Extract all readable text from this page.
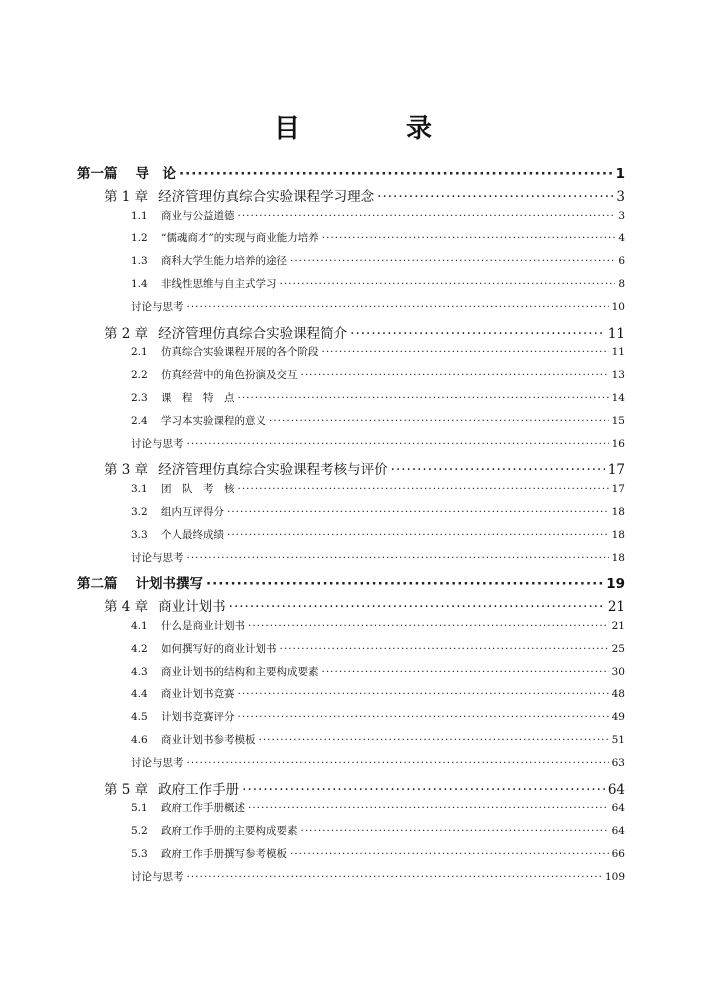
目　录
第一篇 导　论 ·····	1
第 1 章 经济管理仿真综合实验课程学习理念 ·····	3
1.1 商业与公益道德 ·····	3
1.2 “儒魂商才”的实现与商业能力培养 ·····	4
1.3 商科大学生能力培养的途径 ·····	6
1.4 非线性思维与自主式学习 ·····	8
讨论与思考 ·····	10
第 2 章 经济管理仿真综合实验课程简介 ·····	11
2.1 仿真综合实验课程开展的各个阶段 ·····	11
2.2 仿真经营中的角色扮演及交互 ·····	13
2.3 课　程　特　点 ·····	14
2.4 学习本实验课程的意义 ·····	15
讨论与思考 ·····	16
第 3 章 经济管理仿真综合实验课程考核与评价 ·····	17
3.1 团　队　考　核 ·····	17
3.2 组内互评得分 ·····	18
3.3 个人最终成绩 ·····	18
讨论与思考 ·····	18
第二篇 计划书撰写 ·····	19
第 4 章 商业计划书 ·····	21
4.1 什么是商业计划书 ·····	21
4.2 如何撰写好的商业计划书 ·····	25
4.3 商业计划书的结构和主要构成要素 ·····	30
4.4 商业计划书竞赛 ·····	48
4.5 计划书竞赛评分 ·····	49
4.6 商业计划书参考模板 ·····	51
讨论与思考 ·····	63
第 5 章 政府工作手册 ·····	64
5.1 政府工作手册概述 ·····	64
5.2 政府工作手册的主要构成要素 ·····	64
5.3 政府工作手册撰写参考模板 ·····	66
讨论与思考 ·····	109
